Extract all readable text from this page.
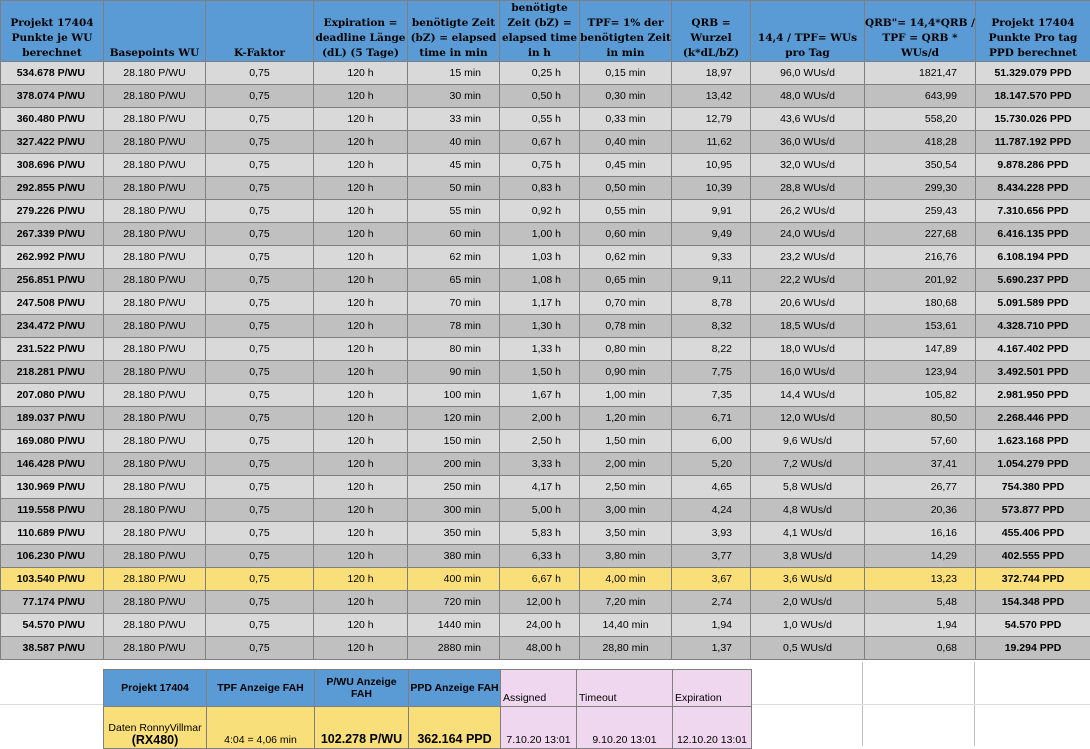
Projekt 17404 Punkte je WU berechnet	Basepoints WU	K-Faktor	Expiration = deadline Länge (dL) (5 Tage)	benötigte Zeit (bZ) = elapsed time in min	benötigte Zeit (bZ) = elapsed time in h	TPF= 1% der benötigten Zeit in min	QRB = Wurzel (k*dL/bZ)	14,4 / TPF= WUs pro Tag	QRB"= 14,4*QRB / TPF = QRB * WUs/d	Projekt 17404 Punkte Pro tag PPD berechnet
534.678 P/WU	28.180 P/WU	0,75	120 h	15 min	0,25 h	0,15 min	18,97	96,0 WUs/d	1821,47	51.329.079 PPD
378.074 P/WU	28.180 P/WU	0,75	120 h	30 min	0,50 h	0,30 min	13,42	48,0 WUs/d	643,99	18.147.570 PPD
360.480 P/WU	28.180 P/WU	0,75	120 h	33 min	0,55 h	0,33 min	12,79	43,6 WUs/d	558,20	15.730.026 PPD
327.422 P/WU	28.180 P/WU	0,75	120 h	40 min	0,67 h	0,40 min	11,62	36,0 WUs/d	418,28	11.787.192 PPD
308.696 P/WU	28.180 P/WU	0,75	120 h	45 min	0,75 h	0,45 min	10,95	32,0 WUs/d	350,54	9.878.286 PPD
292.855 P/WU	28.180 P/WU	0,75	120 h	50 min	0,83 h	0,50 min	10,39	28,8 WUs/d	299,30	8.434.228 PPD
279.226 P/WU	28.180 P/WU	0,75	120 h	55 min	0,92 h	0,55 min	9,91	26,2 WUs/d	259,43	7.310.656 PPD
267.339 P/WU	28.180 P/WU	0,75	120 h	60 min	1,00 h	0,60 min	9,49	24,0 WUs/d	227,68	6.416.135 PPD
262.992 P/WU	28.180 P/WU	0,75	120 h	62 min	1,03 h	0,62 min	9,33	23,2 WUs/d	216,76	6.108.194 PPD
256.851 P/WU	28.180 P/WU	0,75	120 h	65 min	1,08 h	0,65 min	9,11	22,2 WUs/d	201,92	5.690.237 PPD
247.508 P/WU	28.180 P/WU	0,75	120 h	70 min	1,17 h	0,70 min	8,78	20,6 WUs/d	180,68	5.091.589 PPD
234.472 P/WU	28.180 P/WU	0,75	120 h	78 min	1,30 h	0,78 min	8,32	18,5 WUs/d	153,61	4.328.710 PPD
231.522 P/WU	28.180 P/WU	0,75	120 h	80 min	1,33 h	0,80 min	8,22	18,0 WUs/d	147,89	4.167.402 PPD
218.281 P/WU	28.180 P/WU	0,75	120 h	90 min	1,50 h	0,90 min	7,75	16,0 WUs/d	123,94	3.492.501 PPD
207.080 P/WU	28.180 P/WU	0,75	120 h	100 min	1,67 h	1,00 min	7,35	14,4 WUs/d	105,82	2.981.950 PPD
189.037 P/WU	28.180 P/WU	0,75	120 h	120 min	2,00 h	1,20 min	6,71	12,0 WUs/d	80,50	2.268.446 PPD
169.080 P/WU	28.180 P/WU	0,75	120 h	150 min	2,50 h	1,50 min	6,00	9,6 WUs/d	57,60	1.623.168 PPD
146.428 P/WU	28.180 P/WU	0,75	120 h	200 min	3,33 h	2,00 min	5,20	7,2 WUs/d	37,41	1.054.279 PPD
130.969 P/WU	28.180 P/WU	0,75	120 h	250 min	4,17 h	2,50 min	4,65	5,8 WUs/d	26,77	754.380 PPD
119.558 P/WU	28.180 P/WU	0,75	120 h	300 min	5,00 h	3,00 min	4,24	4,8 WUs/d	20,36	573.877 PPD
110.689 P/WU	28.180 P/WU	0,75	120 h	350 min	5,83 h	3,50 min	3,93	4,1 WUs/d	16,16	455.406 PPD
106.230 P/WU	28.180 P/WU	0,75	120 h	380 min	6,33 h	3,80 min	3,77	3,8 WUs/d	14,29	402.555 PPD
103.540 P/WU	28.180 P/WU	0,75	120 h	400 min	6,67 h	4,00 min	3,67	3,6 WUs/d	13,23	372.744 PPD
77.174 P/WU	28.180 P/WU	0,75	120 h	720 min	12,00 h	7,20 min	2,74	2,0 WUs/d	5,48	154.348 PPD
54.570 P/WU	28.180 P/WU	0,75	120 h	1440 min	24,00 h	14,40 min	1,94	1,0 WUs/d	1,94	54.570 PPD
38.587 P/WU	28.180 P/WU	0,75	120 h	2880 min	48,00 h	28,80 min	1,37	0,5 WUs/d	0,68	19.294 PPD
Projekt 17404	TPF Anzeige FAH	P/WU Anzeige FAH	PPD Anzeige FAH	Assigned	Timeout	Expiration

Daten RonnyVillmar
(RX480)	4:04 = 4,06 min	102.278 P/WU	362.164 PPD	7.10.20 13:01	9.10.20 13:01	12.10.20 13:01
